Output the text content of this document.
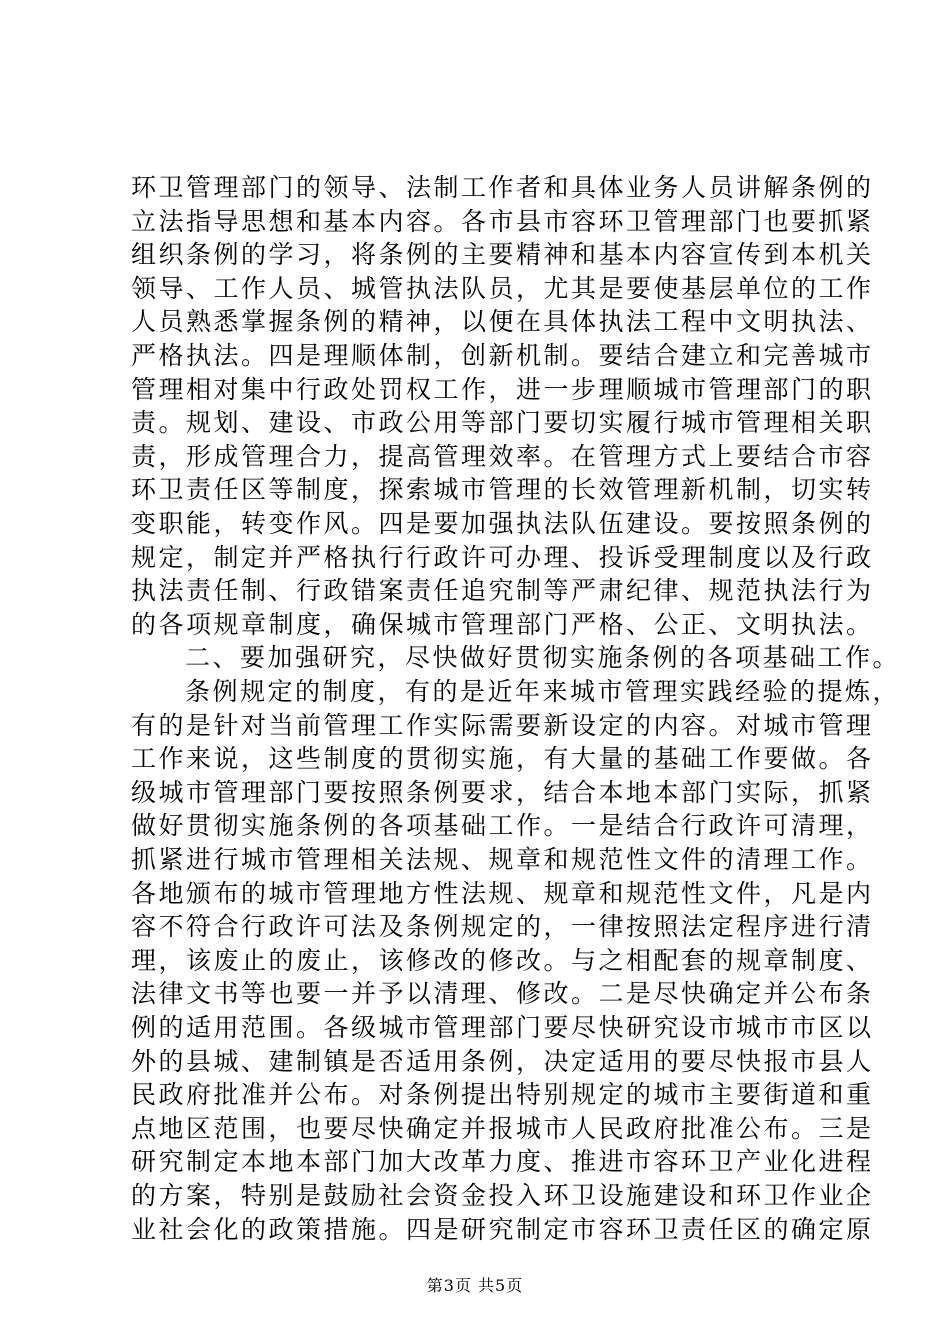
环卫管理部门的领导、法制工作者和具体业务人员讲解条例的
立法指导思想和基本内容。各市县市容环卫管理部门也要抓紧
组织条例的学习，将条例的主要精神和基本内容宣传到本机关
领导、工作人员、城管执法队员，尤其是要使基层单位的工作
人员熟悉掌握条例的精神，以便在具体执法工程中文明执法、
严格执法。四是理顺体制，创新机制。要结合建立和完善城市
管理相对集中行政处罚权工作，进一步理顺城市管理部门的职
责。规划、建设、市政公用等部门要切实履行城市管理相关职
责，形成管理合力，提高管理效率。在管理方式上要结合市容
环卫责任区等制度，探索城市管理的长效管理新机制，切实转
变职能，转变作风。四是要加强执法队伍建设。要按照条例的
规定，制定并严格执行行政许可办理、投诉受理制度以及行政
执法责任制、行政错案责任追究制等严肃纪律、规范执法行为
的各项规章制度，确保城市管理部门严格、公正、文明执法。
二、要加强研究，尽快做好贯彻实施条例的各项基础工作。
条例规定的制度，有的是近年来城市管理实践经验的提炼，
有的是针对当前管理工作实际需要新设定的内容。对城市管理
工作来说，这些制度的贯彻实施，有大量的基础工作要做。各
级城市管理部门要按照条例要求，结合本地本部门实际，抓紧
做好贯彻实施条例的各项基础工作。一是结合行政许可清理，
抓紧进行城市管理相关法规、规章和规范性文件的清理工作。
各地颁布的城市管理地方性法规、规章和规范性文件，凡是内
容不符合行政许可法及条例规定的，一律按照法定程序进行清
理，该废止的废止，该修改的修改。与之相配套的规章制度、
法律文书等也要一并予以清理、修改。二是尽快确定并公布条
例的适用范围。各级城市管理部门要尽快研究设市城市市区以
外的县城、建制镇是否适用条例，决定适用的要尽快报市县人
民政府批准并公布。对条例提出特别规定的城市主要街道和重
点地区范围，也要尽快确定并报城市人民政府批准公布。三是
研究制定本地本部门加大改革力度、推进市容环卫产业化进程
的方案，特别是鼓励社会资金投入环卫设施建设和环卫作业企
业社会化的政策措施。四是研究制定市容环卫责任区的确定原
第3页 共5页
